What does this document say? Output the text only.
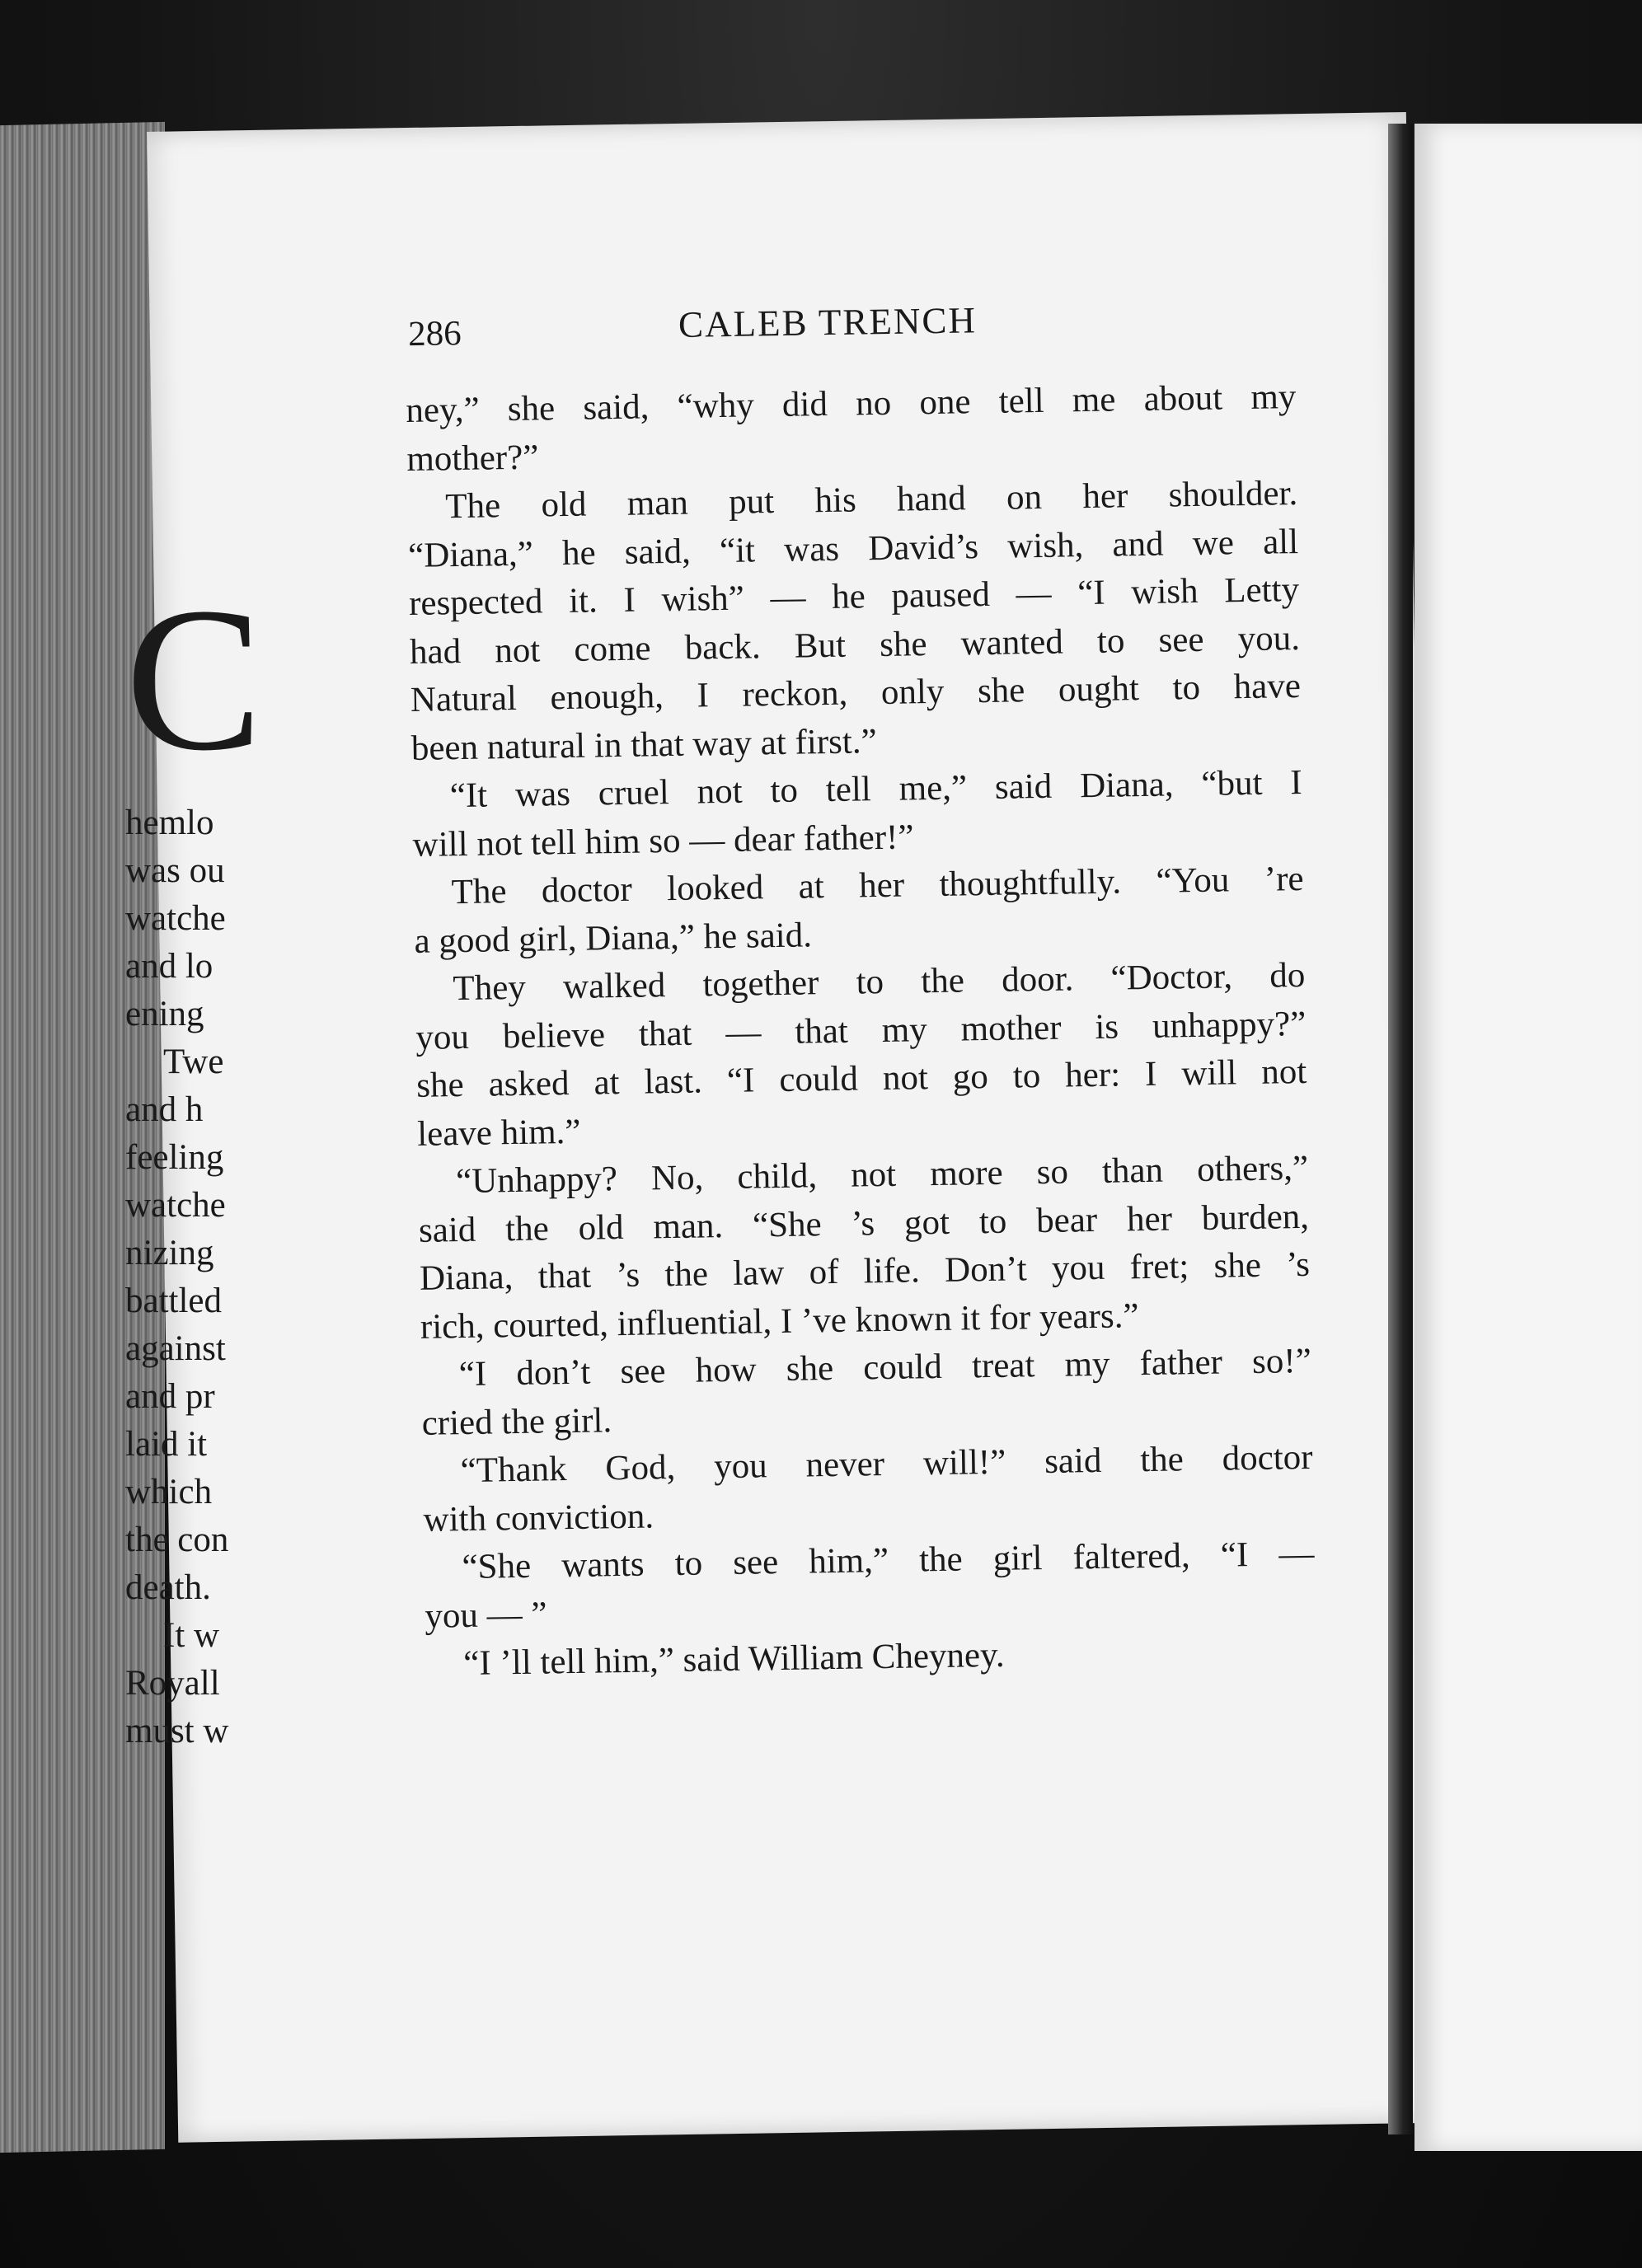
286	CALEB TRENCH
ney,” she said, “why did no one tell me about my
mother?”
The old man put his hand on her shoulder.
“Diana,” he said, “it was David’s wish, and we all
respected it. I wish” — he paused — “I wish Letty
had not come back. But she wanted to see you.
Natural enough, I reckon, only she ought to have
been natural in that way at first.”
“It was cruel not to tell me,” said Diana, “but I
will not tell him so — dear father!”
The doctor looked at her thoughtfully. “You ’re
a good girl, Diana,” he said.
They walked together to the door. “Doctor, do
you believe that — that my mother is unhappy?”
she asked at last. “I could not go to her: I will not
leave him.”
“Unhappy? No, child, not more so than others,”
said the old man. “She ’s got to bear her burden,
Diana, that ’s the law of life. Don’t you fret; she ’s
rich, courted, influential, I ’ve known it for years.”
“I don’t see how she could treat my father so!”
cried the girl.
“Thank God, you never will!” said the doctor
with conviction.
“She wants to see him,” the girl faltered, “I —
you — ”
“I ’ll tell him,” said William Cheyney.
C
hemlo
was ou
watche
and lo
ening
Twe
and h
feeling
watche
nizing
battled
against
and pr
laid it
which
the con
death.
It w
Royall
must w
